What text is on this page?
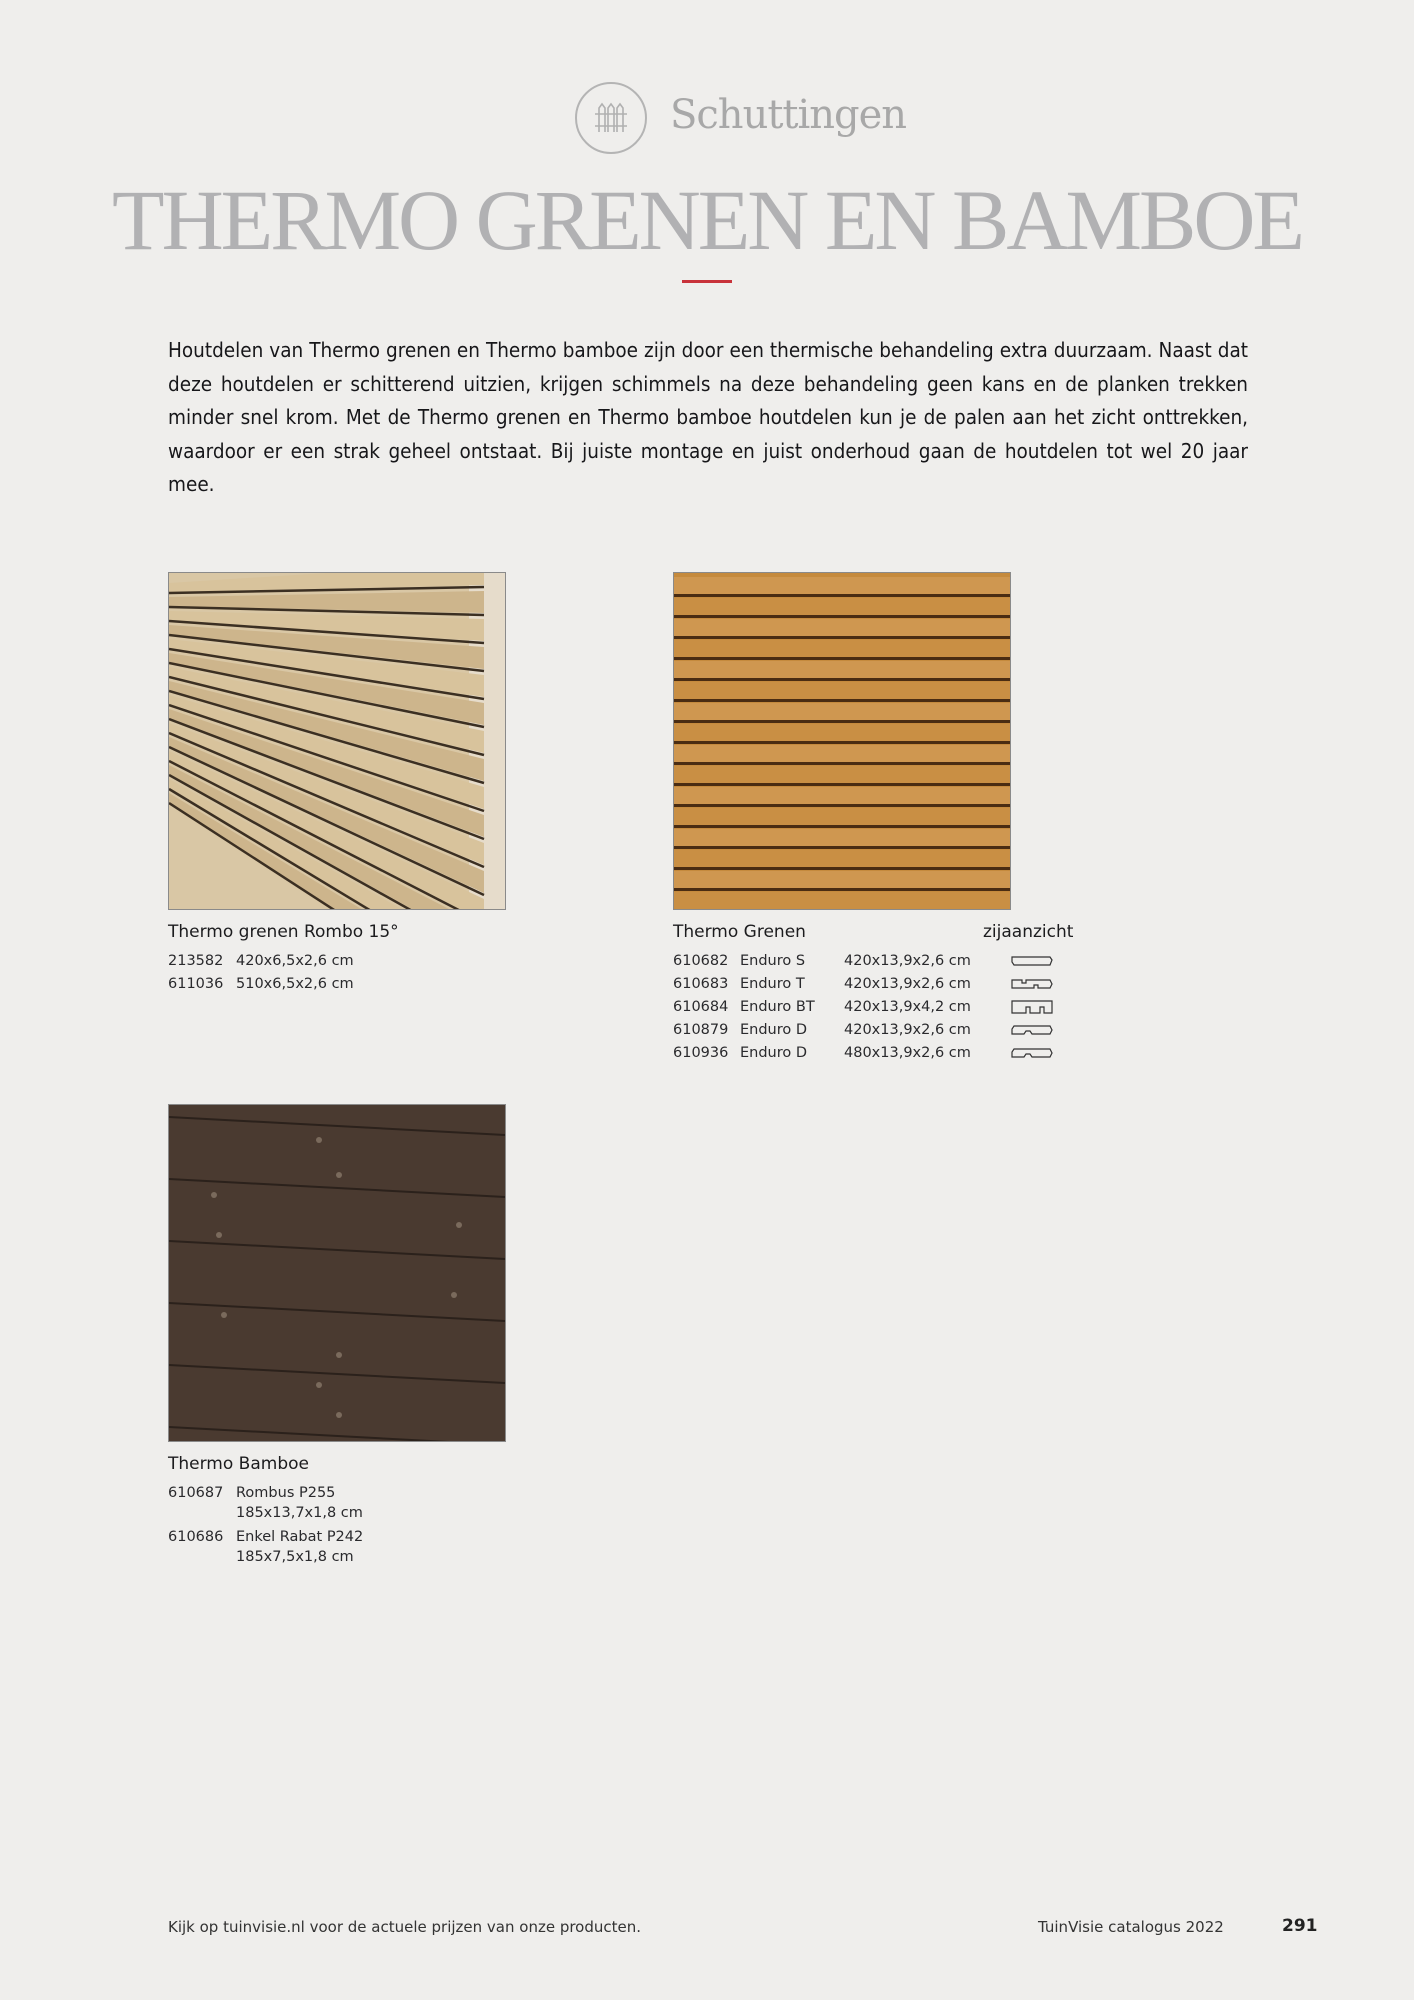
Schuttingen
THERMO GRENEN EN BAMBOE
Houtdelen van Thermo grenen en Thermo bamboe zijn door een thermische behandeling extra duurzaam. Naast dat deze houtdelen er schitterend uitzien, krijgen schimmels na deze behandeling geen kans en de planken trekken minder snel krom. Met de Thermo grenen en Thermo bamboe houtdelen kun je de palen aan het zicht onttrekken, waardoor er een strak geheel ontstaat. Bij juiste montage en juist onderhoud gaan de houtdelen tot wel 20 jaar mee.
Thermo grenen Rombo 15°
213582 420x6,5x2,6 cm
611036 510x6,5x2,6 cm
Thermo Grenen	zijaanzicht
610682 Enduro S	420x13,9x2,6 cm
610683 Enduro T	420x13,9x2,6 cm
610684 Enduro BT 420x13,9x4,2 cm
610879 Enduro D	420x13,9x2,6 cm
610936 Enduro D	480x13,9x2,6 cm
Thermo Bamboe
610687 Rombus P255
185x13,7x1,8 cm
610686 Enkel Rabat P242
185x7,5x1,8 cm
Kijk op tuinvisie.nl voor de actuele prijzen van onze producten.	TuinVisie catalogus 2022	291
